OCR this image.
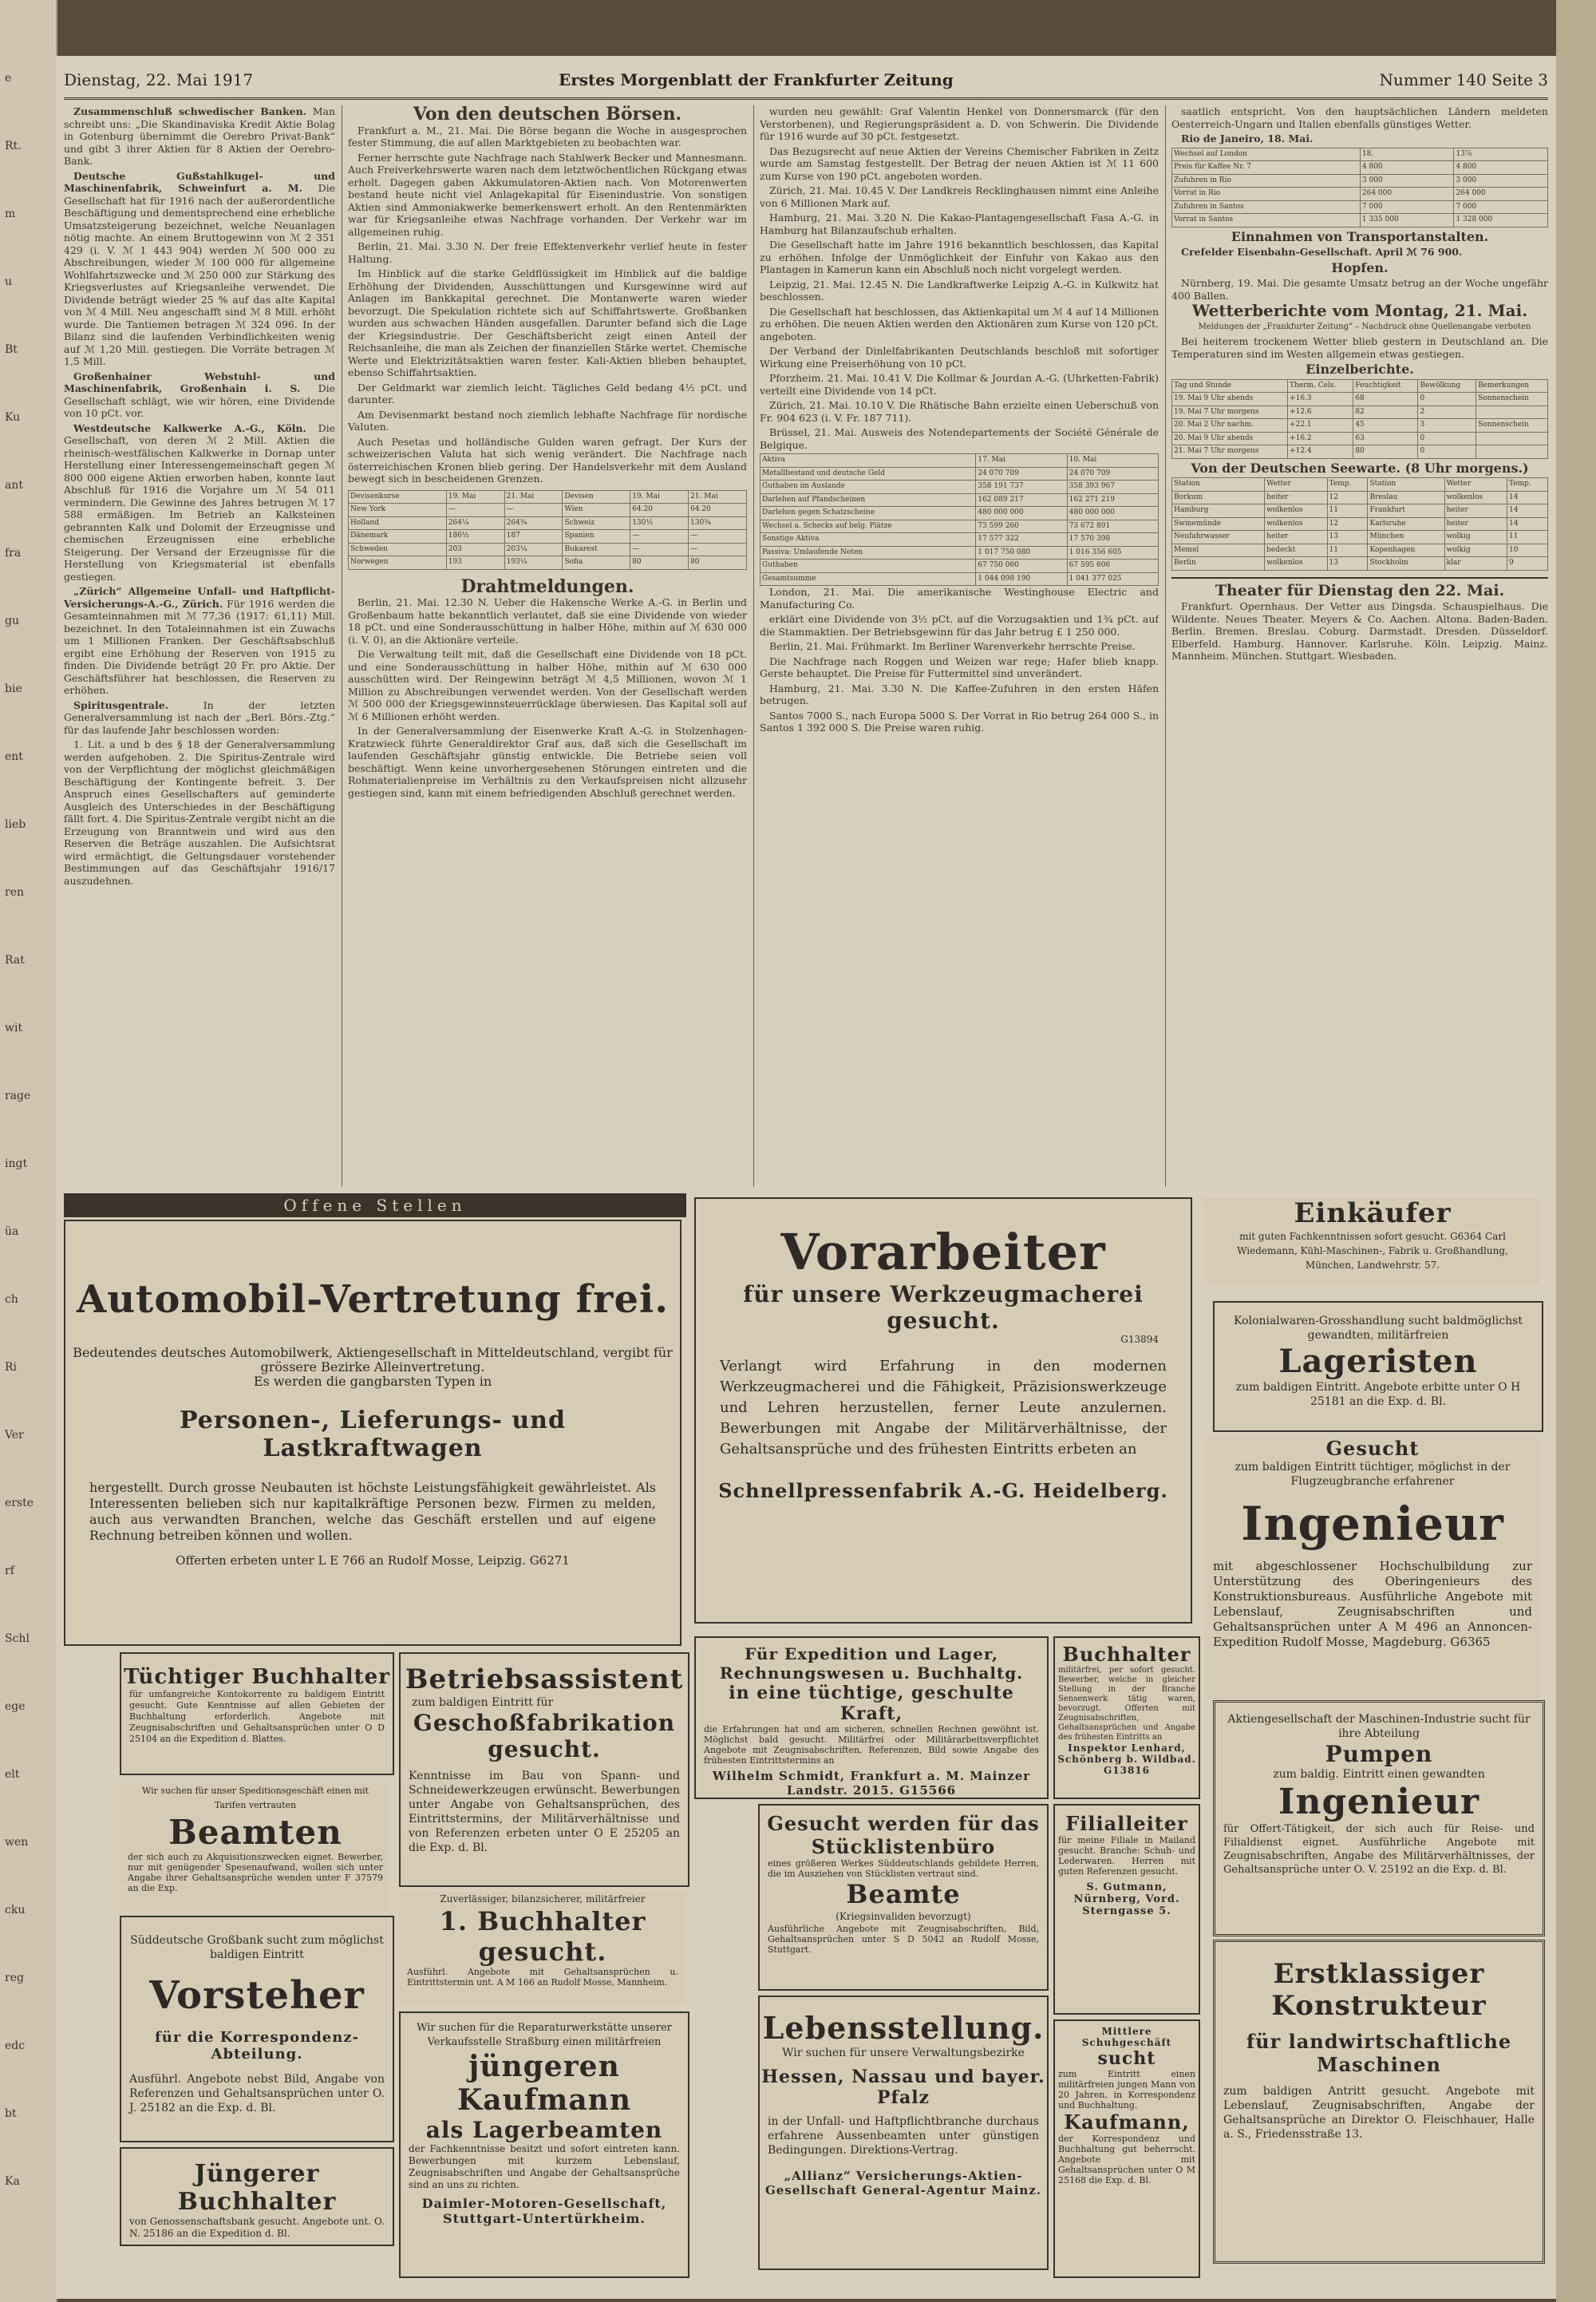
e
Rt.
m
u
Bt
Ku
ant
fra
gu
bie
ent
lieb
ren
Rat
wit
rage
ingt
üa
ch
Ri
Ver
erste
rf
Schl
ege
elt
wen
cku
reg
edc
bt
Ka
Dienstag, 22. Mai 1917	Erstes Morgenblatt der Frankfurter Zeitung	Nummer 140 Seite 3

Zusammenschluß schwedischer Banken. Man schreibt uns: „Die Skandinaviska Kredit Aktie Bolag in Gotenburg übernimmt die Oerebro Privat-Bank“ und gibt 3 ihrer Aktien für 8 Aktien der Oerebro-Bank.

Deutsche Gußstahlkugel- und Maschinenfabrik, Schweinfurt a. M. Die Gesellschaft hat für 1916 nach der außerordentliche Beschäftigung und dementsprechend eine erhebliche Umsatzsteigerung bezeichnet, welche Neuanlagen nötig machte. An einem Bruttogewinn von ℳ 2 351 429 (i. V. ℳ 1 443 904) werden ℳ 500 000 zu Abschreibungen, wieder ℳ 100 000 für allgemeine Wohlfahrtszwecke und ℳ 250 000 zur Stärkung des Kriegsverlustes auf Kriegsanleihe verwendet. Die Dividende beträgt wieder 25 % auf das alte Kapital von ℳ 4 Mill. Neu angeschafft sind ℳ 8 Mill. erhöht wurde. Die Tantiemen betragen ℳ 324 096. In der Bilanz sind die laufenden Verbindlichkeiten wenig auf ℳ 1,20 Mill. gestiegen. Die Vorräte betragen ℳ 1,5 Mill.

Großenhainer Webstuhl- und Maschinenfabrik, Großenhain i. S. Die Gesellschaft schlägt, wie wir hören, eine Dividende von 10 pCt. vor.

Westdeutsche Kalkwerke A.-G., Köln. Die Gesellschaft, von deren ℳ 2 Mill. Aktien die rheinisch-westfälischen Kalkwerke in Dornap unter Herstellung einer Interessengemeinschaft gegen ℳ 800 000 eigene Aktien erworben haben, konnte laut Abschluß für 1916 die Vorjahre um ℳ 54 011 vermindern. Die Gewinne des Jahres betrugen ℳ 17 588 ermäßigen. Im Betrieb an Kalksteinen gebrannten Kalk und Dolomit der Erzeugnisse und chemischen Erzeugnissen eine erhebliche Steigerung. Der Versand der Erzeugnisse für die Herstellung von Kriegsmaterial ist ebenfalls gestiegen.

„Zürich“ Allgemeine Unfall- und Haftpflicht-Versicherungs-A.-G., Zürich. Für 1916 werden die Gesamteinnahmen mit ℳ 77,36 (1917: 61,11) Mill. bezeichnet. In den Totaleinnahmen ist ein Zuwachs um 1 Millionen Franken. Der Geschäftsabschluß ergibt eine Erhöhung der Reserven von 1915 zu finden. Die Dividende beträgt 20 Fr. pro Aktie. Der Geschäftsführer hat beschlossen, die Reserven zu erhöhen.

Spiritusgentrale. In der letzten Generalversammlung ist nach der „Berl. Börs.-Ztg.“ für das laufende Jahr beschlossen worden:

1. Lit. a und b des § 18 der Generalversammlung werden aufgehoben. 2. Die Spiritus-Zentrale wird von der Verpflichtung der möglichst gleichmäßigen Beschäftigung der Kontingente befreit. 3. Der Anspruch eines Gesellschafters auf geminderte Ausgleich des Unterschiedes in der Beschäftigung fällt fort. 4. Die Spiritus-Zentrale vergibt nicht an die Erzeugung von Branntwein und wird aus den Reserven die Beträge auszahlen. Die Aufsichtsrat wird ermächtigt, die Geltungsdauer vorstehender Bestimmungen auf das Geschäftsjahr 1916/17 auszudehnen.

Von den deutschen Börsen.

Frankfurt a. M., 21. Mai. Die Börse begann die Woche in ausgesprochen fester Stimmung, die auf allen Marktgebieten zu beobachten war.

Ferner herrschte gute Nachfrage nach Stahlwerk Becker und Mannesmann. Auch Freiverkehrswerte waren nach dem letztwöchentlichen Rückgang etwas erholt. Dagegen gaben Akkumulatoren-Aktien nach. Von Motorenwerten bestand heute nicht viel Anlagekapital für Eisenindustrie. Von sonstigen Aktien sind Ammoniakwerke bemerkenswert erholt. An den Rentenmärkten war für Kriegsanleihe etwas Nachfrage vorhanden. Der Verkehr war im allgemeinen ruhig.

Berlin, 21. Mai. 3.30 N. Der freie Effektenverkehr verlief heute in fester Haltung.

Im Hinblick auf die starke Geldflüssigkeit im Hinblick auf die baldige Erhöhung der Dividenden, Ausschüttungen und Kursgewinne wird auf Anlagen im Bankkapital gerechnet. Die Montanwerte waren wieder bevorzugt. Die Spekulation richtete sich auf Schiffahrtswerte. Großbanken wurden aus schwachen Händen ausgefallen. Darunter befand sich die Lage der Kriegsindustrie. Der Geschäftsbericht zeigt einen Anteil der Reichsanleihe, die man als Zeichen der finanziellen Stärke wertet. Chemische Werte und Elektrizitätsaktien waren fester. Kali-Aktien blieben behauptet, ebenso Schiffahrtsaktien.

Der Geldmarkt war ziemlich leicht. Tägliches Geld bedang 4½ pCt. und darunter.

Am Devisenmarkt bestand noch ziemlich lebhafte Nachfrage für nordische Valuten.

Auch Pesetas und holländische Gulden waren gefragt. Der Kurs der schweizerischen Valuta hat sich wenig verändert. Die Nachfrage nach österreichischen Kronen blieb gering. Der Handelsverkehr mit dem Ausland bewegt sich in bescheidenen Grenzen.

Devisenkurse	19. Mai	21. Mai	Devisen	19. Mai	21. Mai
New York	—	—	Wien	64.20	64.20
Holland	264¼	264¾	Schweiz	130½	130¾
Dänemark	186½	187	Spanien	—	—
Schweden	203	203¼	Bukarest	—	—
Norwegen	193	193¼	Sofia	80	80
Drahtmeldungen.

Berlin, 21. Mai. 12.30 N. Ueber die Hakensche Werke A.-G. in Berlin und Großenbaum hatte bekanntlich verlautet, daß sie eine Dividende von wieder 18 pCt. und eine Sonderausschüttung in halber Höhe, mithin auf ℳ 630 000 (i. V. 0), an die Aktionäre verteile.

Die Verwaltung teilt mit, daß die Gesellschaft eine Dividende von 18 pCt. und eine Sonderausschüttung in halber Höhe, mithin auf ℳ 630 000 ausschütten wird. Der Reingewinn beträgt ℳ 4,5 Millionen, wovon ℳ 1 Million zu Abschreibungen verwendet werden. Von der Gesellschaft werden ℳ 500 000 der Kriegsgewinnsteuerrücklage überwiesen. Das Kapital soll auf ℳ 6 Millionen erhöht werden.

In der Generalversammlung der Eisenwerke Kraft A.-G. in Stolzenhagen-Kratzwieck führte Generaldirektor Graf aus, daß sich die Gesellschaft im laufenden Geschäftsjahr günstig entwickle. Die Betriebe seien voll beschäftigt. Wenn keine unvorhergesehenen Störungen eintreten und die Rohmaterialienpreise im Verhältnis zu den Verkaufspreisen nicht allzusehr gestiegen sind, kann mit einem befriedigenden Abschluß gerechnet werden.

wurden neu gewählt: Graf Valentin Henkel von Donnersmarck (für den Verstorbenen), und Regierungspräsident a. D. von Schwerin. Die Dividende für 1916 wurde auf 30 pCt. festgesetzt.

Das Bezugsrecht auf neue Aktien der Vereins Chemischer Fabriken in Zeitz wurde am Samstag festgestellt. Der Betrag der neuen Aktien ist ℳ 11 600 zum Kurse von 190 pCt. angeboten worden.

Zürich, 21. Mai. 10.45 V. Der Landkreis Recklinghausen nimmt eine Anleihe von 6 Millionen Mark auf.

Hamburg, 21. Mai. 3.20 N. Die Kakao-Plantagengesellschaft Fasa A.-G. in Hamburg hat Bilanzaufschub erhalten.

Die Gesellschaft hatte im Jahre 1916 bekanntlich beschlossen, das Kapital zu erhöhen. Infolge der Unmöglichkeit der Einfuhr von Kakao aus den Plantagen in Kamerun kann ein Abschluß noch nicht vorgelegt werden.

Leipzig, 21. Mai. 12.45 N. Die Landkraftwerke Leipzig A.-G. in Kulkwitz hat beschlossen.

Die Gesellschaft hat beschlossen, das Aktienkapital um ℳ 4 auf 14 Millionen zu erhöhen. Die neuen Aktien werden den Aktionären zum Kurse von 120 pCt. angeboten.

Der Verband der Dinlelfabrikanten Deutschlands beschloß mit sofortiger Wirkung eine Preiserhöhung von 10 pCt.

Pforzheim. 21. Mai. 10.41 V. Die Kollmar & Jourdan A.-G. (Uhrketten-Fabrik) verteilt eine Dividende von 14 pCt.

Zürich, 21. Mai. 10.10 V. Die Rhätische Bahn erzielte einen Ueberschuß von Fr. 904 623 (i. V. Fr. 187 711).

Brüssel, 21. Mai. Ausweis des Notendepartements der Société Générale de Belgique.

Aktiva	17. Mai	10. Mai
Metallbestand und deutsche Geld	24 070 709	24 070 709
Guthaben im Auslande	358 191 737	358 393 967
Darlehen auf Pfandscheinen	162 089 217	162 271 219
Darlehen gegen Schatzscheine	480 000 000	480 000 000
Wechsel a. Schecks auf belg. Plätze	73 599 260	73 672 891
Sonstige Aktiva	17 577 322	17 570 398
Passiva: Umlaufende Noten	1 017 750 080	1 016 356 605
Guthaben	67 750 060	67 595 606
Gesamtsumme	1 044 098 190	1 041 377 025

London, 21. Mai. Die amerikanische Westinghouse Electric and Manufacturing Co.

erklärt eine Dividende von 3½ pCt. auf die Vorzugsaktien und 1¾ pCt. auf die Stammaktien. Der Betriebsgewinn für das Jahr betrug £ 1 250 000.

Berlin, 21. Mai. Frühmarkt. Im Berliner Warenverkehr herrschte Preise.

Die Nachfrage nach Roggen und Weizen war rege; Hafer blieb knapp. Gerste behauptet. Die Preise für Futtermittel sind unverändert.

Hamburg, 21. Mai. 3.30 N. Die Kaffee-Zufuhren in den ersten Häfen betrugen.

Santos 7000 S., nach Europa 5000 S. Der Vorrat in Rio betrug 264 000 S., in Santos 1 392 000 S. Die Preise waren ruhig.

saatlich entspricht. Von den hauptsächlichen Ländern meldeten Oesterreich-Ungarn und Italien ebenfalls günstiges Wetter.

Rio de Janeiro, 18. Mai.

Wechsel auf London	18.	13⅞
Preis für Kaffee Nr. 7	4 800	4 800
Zufuhren in Rio	3 000	3 000
Vorrat in Rio	264 000	264 000
Zufuhren in Santos	7 000	7 000
Vorrat in Santos	1 335 000	1 328 000
Einnahmen von Transportanstalten.

Crefelder Eisenbahn-Gesellschaft. April ℳ 76 900.

Hopfen.

Nürnberg, 19. Mai. Die gesamte Umsatz betrug an der Woche ungefähr 400 Ballen.

Wetterberichte vom Montag, 21. Mai.

Meldungen der „Frankfurter Zeitung“ – Nachdruck ohne Quellenangabe verboten

Bei heiterem trockenem Wetter blieb gestern in Deutschland an. Die Temperaturen sind im Westen allgemein etwas gestiegen.

Einzelberichte.
Tag und Stunde	Therm. Cels.	Feuchtigkeit	Bewölkung	Bemerkungen
19. Mai 9 Uhr abends	+16.3	68	0	Sonnenschein
19. Mai 7 Uhr morgens	+12.6	82	2	
20. Mai 2 Uhr nachm.	+22.1	45	3	Sonnenschein
20. Mai 9 Uhr abends	+16.2	63	0	
21. Mai 7 Uhr morgens	+12.4	80	0	
Von der Deutschen Seewarte. (8 Uhr morgens.)
Station	Wetter	Temp.	Station	Wetter	Temp.
Borkum	heiter	12	Breslau	wolkenlos	14
Hamburg	wolkenlos	11	Frankfurt	heiter	14
Swinemünde	wolkenlos	12	Karlsruhe	heiter	14
Neufahrwasser	heiter	13	München	wolkig	11
Memel	bedeckt	11	Kopenhagen	wolkig	10
Berlin	wolkenlos	13	Stockholm	klar	9
Theater für Dienstag den 22. Mai.

Frankfurt. Opernhaus. Der Vetter aus Dingsda. Schauspielhaus. Die Wildente. Neues Theater. Meyers & Co. Aachen. Altona. Baden-Baden. Berlin. Bremen. Breslau. Coburg. Darmstadt. Dresden. Düsseldorf. Elberfeld. Hamburg. Hannover. Karlsruhe. Köln. Leipzig. Mainz. Mannheim. München. Stuttgart. Wiesbaden.

Offene Stellen
Automobil-Vertretung frei.
Bedeutendes deutsches Automobilwerk, Aktiengesellschaft in Mitteldeutschland, vergibt für grössere Bezirke Alleinvertretung.
Es werden die gangbarsten Typen in
Personen-, Lieferungs- und Lastkraftwagen
hergestellt. Durch grosse Neubauten ist höchste Leistungsfähigkeit gewährleistet. Als Interessenten belieben sich nur kapitalkräftige Personen bezw. Firmen zu melden, auch aus verwandten Branchen, welche das Geschäft erstellen und auf eigene Rechnung betreiben können und wollen.
Offerten erbeten unter L E 766 an Rudolf Mosse, Leipzig. G6271
Vorarbeiter
für unsere Werkzeugmacherei gesucht.
G13894
Verlangt wird Erfahrung in den modernen Werkzeugmacherei und die Fähigkeit, Präzisionswerkzeuge und Lehren herzustellen, ferner Leute anzulernen. Bewerbungen mit Angabe der Militärverhältnisse, der Gehaltsansprüche und des frühesten Eintritts erbeten an
Schnellpressenfabrik A.-G. Heidelberg.
Einkäufer
mit guten Fachkenntnissen sofort gesucht. G6364 Carl Wiedemann, Kühl-Maschinen-, Fabrik u. Großhandlung, München, Landwehrstr. 57.
Kolonialwaren-Grosshandlung sucht baldmöglichst gewandten, militärfreien
Lageristen
zum baldigen Eintritt. Angebote erbitte unter O H 25181 an die Exp. d. Bl.
Gesucht
zum baldigen Eintritt tüchtiger, möglichst in der Flugzeugbranche erfahrener
Ingenieur
mit abgeschlossener Hochschulbildung zur Unterstützung des Oberingenieurs des Konstruktionsbureaus. Ausführliche Angebote mit Lebenslauf, Zeugnisabschriften und Gehaltsansprüchen unter A M 496 an Annoncen-Expedition Rudolf Mosse, Magdeburg. G6365
Für Expedition und Lager, Rechnungswesen u. Buchhaltg.
in eine tüchtige, geschulte Kraft,
die Erfahrungen hat und am sicheren, schnellen Rechnen gewöhnt ist. Möglichst bald gesucht. Militärfrei oder Militärarbeitsverpflichtet Angebote mit Zeugnisabschriften, Referenzen, Bild sowie Angabe des frühesten Eintrittstermins an
Wilhelm Schmidt, Frankfurt a. M. Mainzer Landstr. 2015. G15566
Buchhalter
militärfrei, per sofort gesucht. Bewerber, welche in gleicher Stellung in der Branche Sensenwerk tätig waren, bevorzugt. Offerten mit Zeugnisabschriften, Gehaltsansprüchen und Angabe des frühesten Eintritts an
Inspektor Lenhard, Schönberg b. Wildbad. G13816
Tüchtiger Buchhalter
für umfangreiche Kontokorrente zu baldigem Eintritt gesucht. Gute Kenntnisse auf allen Gebieten der Buchhaltung erforderlich. Angebote mit Zeugnisabschriften und Gehaltsansprüchen unter O D 25104 an die Expedition d. Blattes.
Betriebsassistent
zum baldigen Eintritt für
Geschoßfabrikation gesucht.
Kenntnisse im Bau von Spann- und Schneidewerkzeugen erwünscht. Bewerbungen unter Angabe von Gehaltsansprüchen, des Eintrittstermins, der Militärverhältnisse und von Referenzen erbeten unter O E 25205 an die Exp. d. Bl.
Wir suchen für unser Speditionsgeschäft einen mit Tarifen vertrauten
Beamten
der sich auch zu Akquisitionszwecken eignet. Bewerber, nur mit genügender Spesenaufwand, wollen sich unter Angabe ihrer Gehaltsansprüche wenden unter F 37579 an die Exp.
Gesucht werden für das Stücklistenbüro
eines größeren Werkes Süddeutschlands gebildete Herren, die im Ausziehen von Stücklisten vertraut sind.
Beamte
(Kriegsinvaliden bevorzugt)
Ausführliche Angebote mit Zeugnisabschriften, Bild, Gehaltsansprüchen unter S D 5042 an Rudolf Mosse, Stuttgart.
Filialleiter
für meine Filiale in Mailand gesucht. Branche: Schuh- und Lederwaren. Herren mit guten Referenzen gesucht.
S. Gutmann, Nürnberg, Vord. Sterngasse 5.
Aktiengesellschaft der Maschinen-Industrie sucht für ihre Abteilung
Pumpen
zum baldig. Eintritt einen gewandten
Ingenieur
für Offert-Tätigkeit, der sich auch für Reise- und Filialdienst eignet. Ausführliche Angebote mit Zeugnisabschriften, Angabe des Militärverhältnisses, der Gehaltsansprüche unter O. V. 25192 an die Exp. d. Bl.
Süddeutsche Großbank sucht zum möglichst baldigen Eintritt
Vorsteher
für die Korrespondenz-Abteilung.
Ausführl. Angebote nebst Bild, Angabe von Referenzen und Gehaltsansprüchen unter O. J. 25182 an die Exp. d. Bl.
Zuverlässiger, bilanzsicherer, militärfreier
1. Buchhalter gesucht.
Ausführl. Angebote mit Gehaltsansprüchen u. Eintrittstermin unt. A M 166 an Rudolf Mosse, Mannheim.
Wir suchen für die Reparaturwerkstätte unserer Verkaufsstelle Straßburg einen militärfreien
jüngeren Kaufmann
als Lagerbeamten
der Fachkenntnisse besitzt und sofort eintreten kann. Bewerbungen mit kurzem Lebenslauf, Zeugnisabschriften und Angabe der Gehaltsansprüche sind an uns zu richten.
Daimler-Motoren-Gesellschaft, Stuttgart-Untertürkheim.
Lebensstellung.
Wir suchen für unsere Verwaltungsbezirke
Hessen, Nassau und bayer. Pfalz
in der Unfall- und Haftpflichtbranche durchaus erfahrene Aussenbeamten unter günstigen Bedingungen. Direktions-Vertrag.
„Allianz“ Versicherungs-Aktien-Gesellschaft General-Agentur Mainz.
Mittlere Schuhgeschäft
sucht
zum Eintritt einen militärfreien jungen Mann von 20 Jahren, in Korrespondenz und Buchhaltung.
Kaufmann,
der Korrespondenz und Buchhaltung gut beherrscht. Angebote mit Gehaltsansprüchen unter O M 25168 die Exp. d. Bl.
Erstklassiger Konstrukteur
für landwirtschaftliche Maschinen
zum baldigen Antritt gesucht. Angebote mit Lebenslauf, Zeugnisabschriften, Angabe der Gehaltsansprüche an Direktor O. Fleischhauer, Halle a. S., Friedensstraße 13.
Jüngerer Buchhalter
von Genossenschaftsbank gesucht. Angebote unt. O. N. 25186 an die Expedition d. Bl.
